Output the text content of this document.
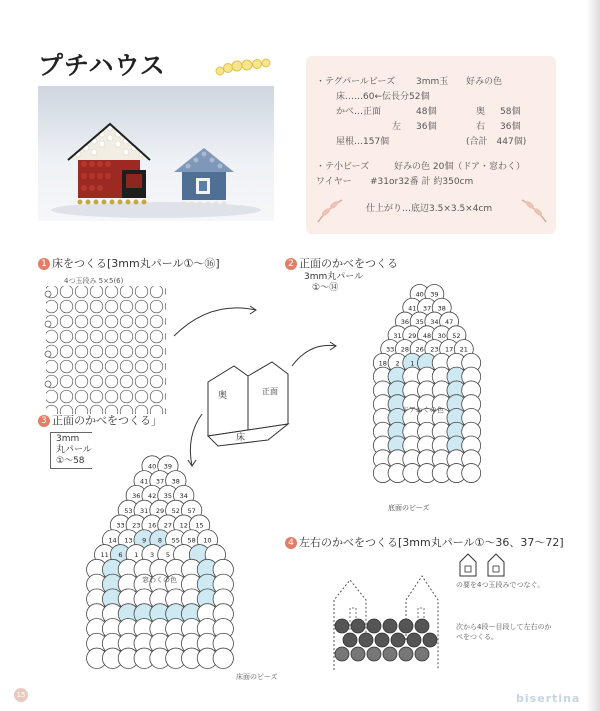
プチハウス
・テグパールビーズ 3mm玉 好みの色
床……60←伝長分52個
かべ…正面	48個	奥 58個
左 36個	右 36個
屋根…157個	(合計　447個)
・テ小ビーズ	好みの色 20個（ドア・窓わく）
ワイヤー #31or32番 計 約350cm
仕上がり…底辺3.5×3.5×4cm
1 床をつくる[3mm丸パール①～⑯]
4つ玉段み 5×5(6)
奥	正面
床
2 正面のかべをつくる
3mm丸パール
①～⑭
40 39
41 37 38
36 35 34 47
31 29 48 30 52
33 28 26 23 17 21
18 2 1
ドアわくの色
底面のビーズ
3 正面のかべをつくる」
3mm
丸パール
①～58
40 39
41 37 38
36 42 35 34
53 31 29 52 57
33 23 16 27 12 15
14 13 9 8 55 58 10
11 6 1 3 5
窓わくの色
床面のビーズ
4 左右のかべをつくる[3mm丸パール①～36、37～72]
の要を4つ玉段みでつなぐ。
次から4段ー目段して左右のかべをつくる。
15	bisertina
